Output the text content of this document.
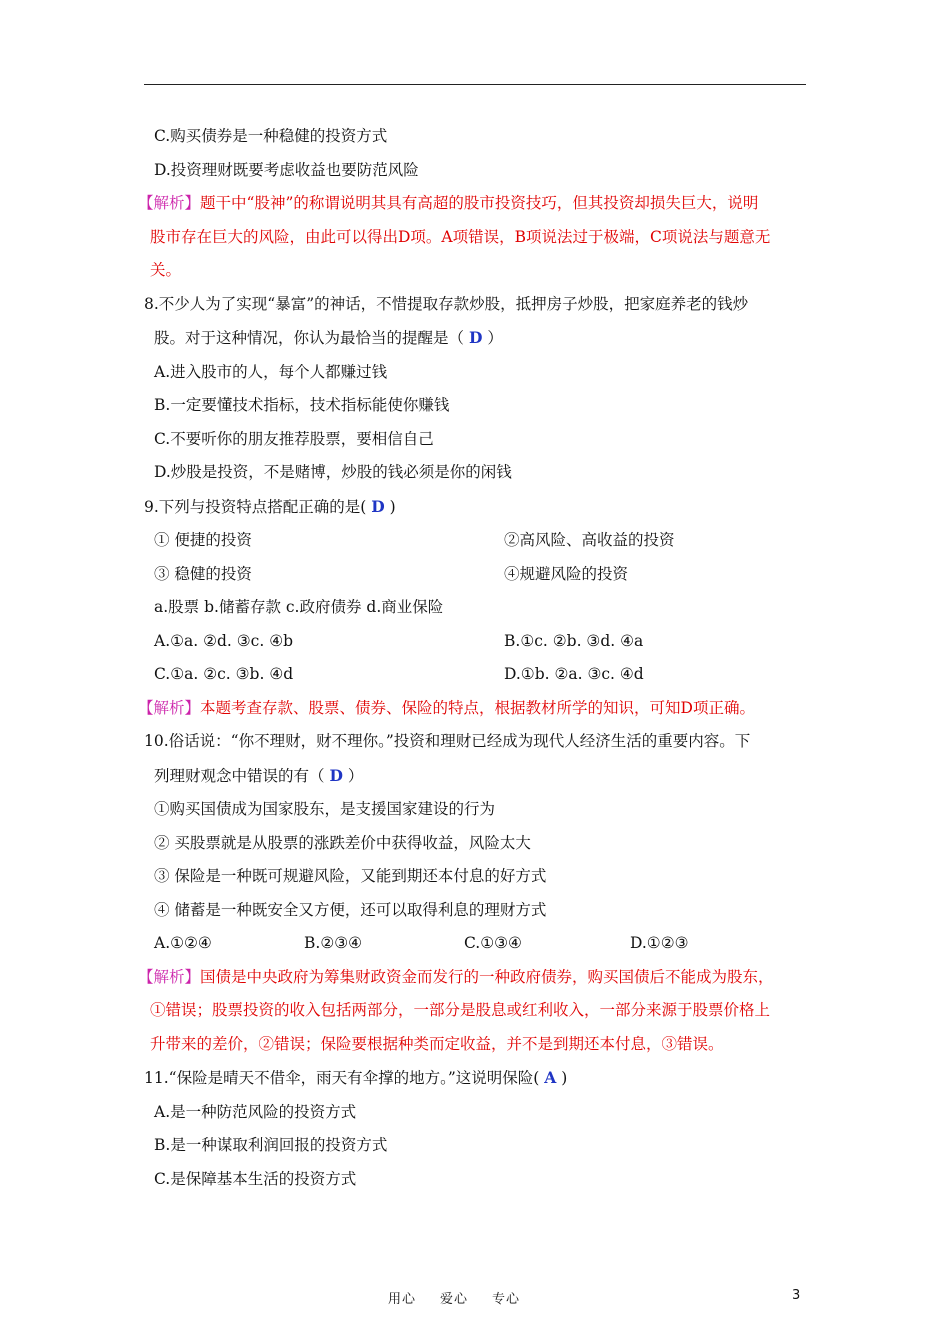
C.购买债券是一种稳健的投资方式
D.投资理财既要考虑收益也要防范风险
【解析】题干中“股神”的称谓说明其具有高超的股市投资技巧，但其投资却损失巨大，说明
股市存在巨大的风险，由此可以得出D项。A项错误，B项说法过于极端，C项说法与题意无
关。
8.不少人为了实现“暴富”的神话，不惜提取存款炒股，抵押房子炒股，把家庭养老的钱炒
股。对于这种情况，你认为最恰当的提醒是（ D ）
A.进入股市的人，每个人都赚过钱
B.一定要懂技术指标，技术指标能使你赚钱
C.不要听你的朋友推荐股票，要相信自己
D.炒股是投资，不是赌博，炒股的钱必须是你的闲钱
9.下列与投资特点搭配正确的是( D )
① 便捷的投资	②高风险、高收益的投资
③ 稳健的投资	④规避风险的投资
a.股票 b.储蓄存款 c.政府债券 d.商业保险
A.①a. ②d. ③c. ④b	B.①c. ②b. ③d. ④a
C.①a. ②c. ③b. ④d	D.①b. ②a. ③c. ④d
【解析】本题考查存款、股票、债券、保险的特点，根据教材所学的知识，可知D项正确。
10.俗话说：“你不理财，财不理你。”投资和理财已经成为现代人经济生活的重要内容。下
列理财观念中错误的有（ D ）
①购买国债成为国家股东，是支援国家建设的行为
② 买股票就是从股票的涨跌差价中获得收益，风险太大
③ 保险是一种既可规避风险，又能到期还本付息的好方式
④ 储蓄是一种既安全又方便，还可以取得利息的理财方式
A.①②④	B.②③④	C.①③④	D.①②③
【解析】国债是中央政府为筹集财政资金而发行的一种政府债券，购买国债后不能成为股东，
①错误；股票投资的收入包括两部分，一部分是股息或红利收入，一部分来源于股票价格上
升带来的差价，②错误；保险要根据种类而定收益，并不是到期还本付息，③错误。
11.“保险是晴天不借伞，雨天有伞撑的地方。”这说明保险( A )
A.是一种防范风险的投资方式
B.是一种谋取利润回报的投资方式
C.是保障基本生活的投资方式
用心 爱心 专心	3
